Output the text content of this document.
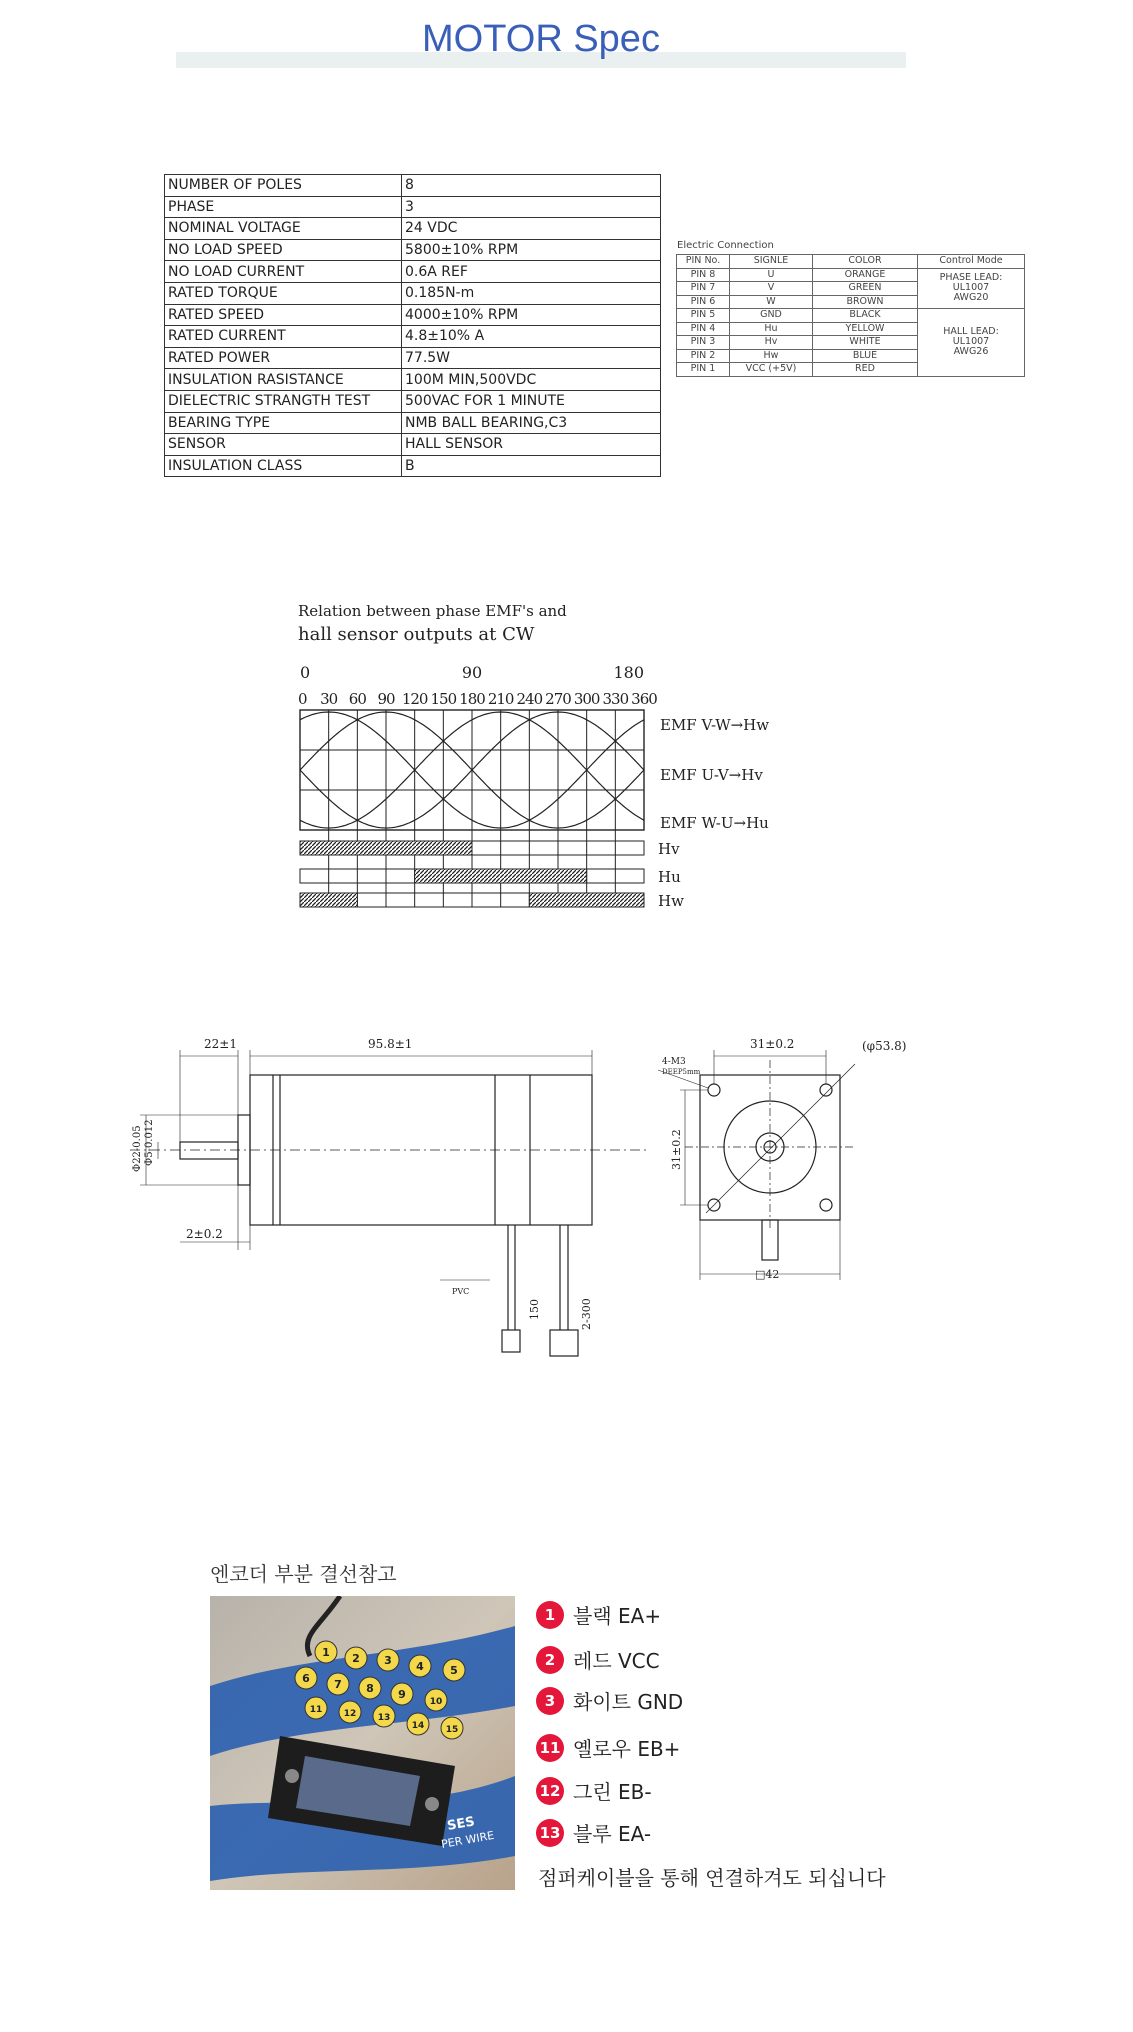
MOTOR Spec
NUMBER OF POLES	8
PHASE	3
NOMINAL VOLTAGE	24 VDC
NO LOAD SPEED	5800±10% RPM
NO LOAD CURRENT	0.6A REF
RATED TORQUE	0.185N-m
RATED SPEED	4000±10% RPM
RATED CURRENT	4.8±10% A
RATED POWER	77.5W
INSULATION RASISTANCE	100M MIN,500VDC
DIELECTRIC STRANGTH TEST	500VAC FOR 1 MINUTE
BEARING TYPE	NMB BALL BEARING,C3
SENSOR	HALL SENSOR
INSULATION CLASS	B
Electric Connection
PIN No.	SIGNLE	COLOR	Control Mode
PIN 8	U	ORANGE	PHASE LEAD:
UL1007
AWG20

PIN 7	V	GREEN	
PIN 6	W	BROWN	
PIN 5	GND	BLACK	HALL LEAD:
UL1007
AWG26

PIN 4	Hu	YELLOW	
PIN 3	Hv	WHITE	
PIN 2	Hw	BLUE	
PIN 1	VCC (+5V)	RED	
Relation between phase EMF's and
hall sensor outputs at CW
0	90	180
0 30 60 90 120 150 180 210 240 270 300 330 360
EMF V-W→Hw
EMF U-V→Hv
EMF W-U→Hu
Hv
Hu
Hw
22±1	95.8±1
2±0.2
Φ22-0.05 Φ5-0.012
150	2-300
PVC
31±0.2	(φ53.8)
4-M3
DEEP5mm
31±0.2
□42
엔코더 부분 결선참고
1 2 3 4 5
6 7 8 9
10
11 12 13
14 15
SES
PER WIRE
1 블랙 EA+
2 레드 VCC
3 화이트 GND
11 옐로우 EB+
12 그린 EB-
13 블루 EA-
점퍼케이블을 통해 연결하겨도 되십니다
